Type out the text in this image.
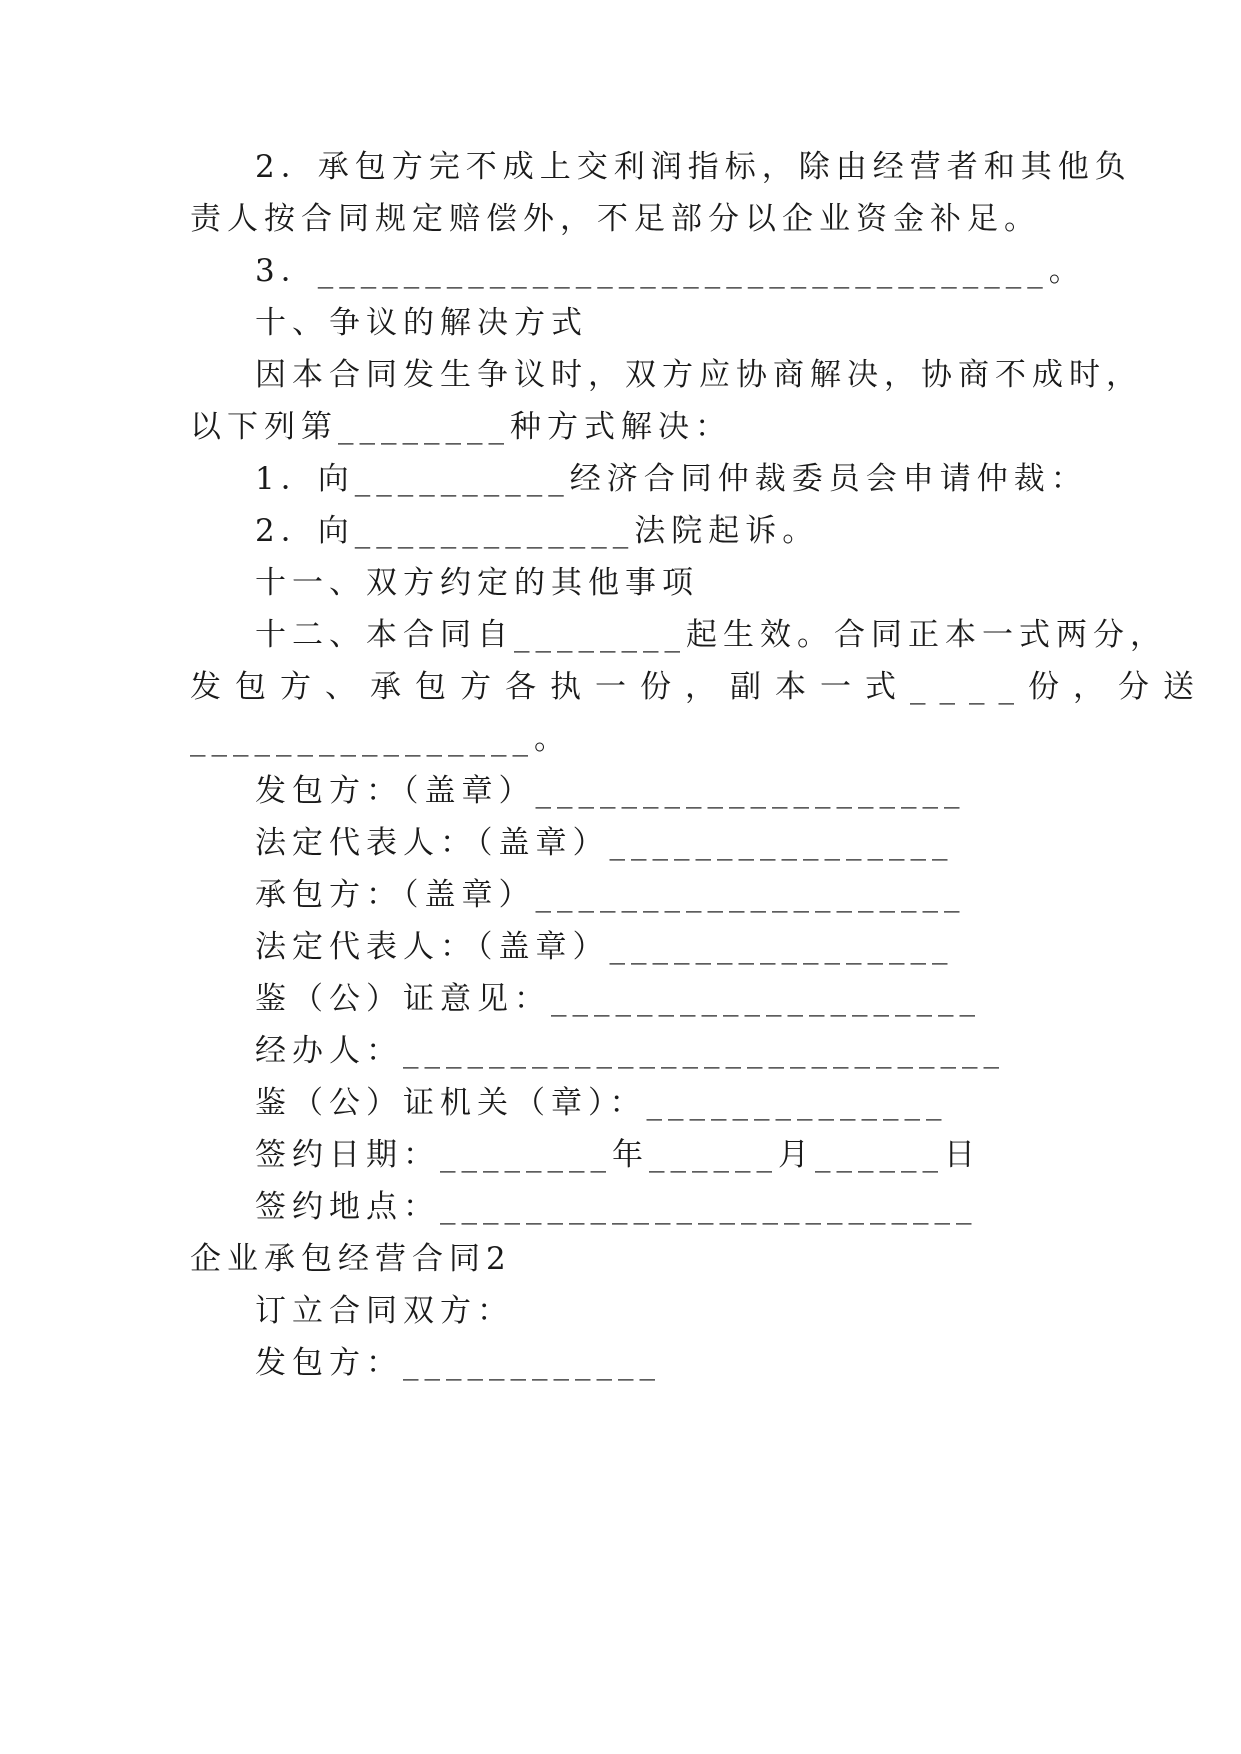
2．承包方完不成上交利润指标，除由经营者和其他负
责人按合同规定赔偿外，不足部分以企业资金补足。
3．__________________________________。
十、争议的解决方式
因本合同发生争议时，双方应协商解决，协商不成时，
以下列第________种方式解决：
1．向__________经济合同仲裁委员会申请仲裁：
2．向_____________法院起诉。
十一、双方约定的其他事项
十二、本合同自________起生效。合同正本一式两分，
发包方、承包方各执一份，副本一式____份，分送
________________。
发包方：（盖章）____________________
法定代表人：（盖章）________________
承包方：（盖章）____________________
法定代表人：（盖章）________________
鉴（公）证意见：____________________
经办人：____________________________
鉴（公）证机关（章）：______________
签约日期：________年______月______日
签约地点：_________________________
企业承包经营合同2
订立合同双方：
发包方：____________
